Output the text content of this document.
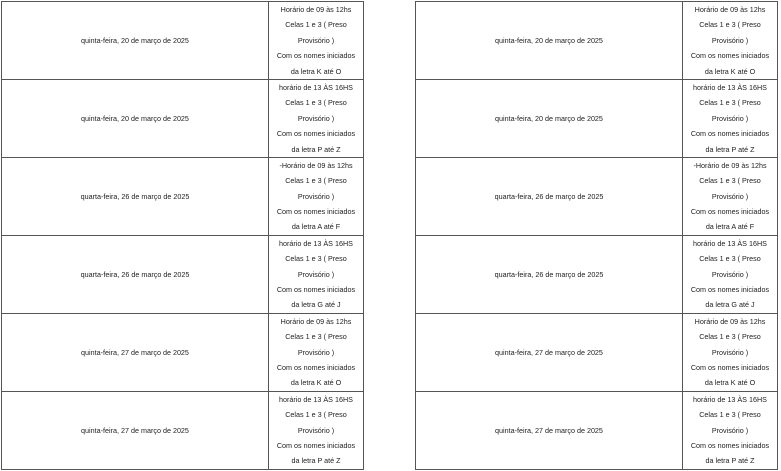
quinta-feira, 20 de março de 2025	Horário de 09 às 12hs
Celas 1 e 3 ( Preso
Provisório )
Com os nomes iniciados
da letra K até O

quinta-feira, 20 de março de 2025	horário de 13 ÀS 16HS
Celas 1 e 3 ( Preso
Provisório )
Com os nomes iniciados
da letra P até Z

quarta-feira, 26 de março de 2025	-Horário de 09 às 12hs
Celas 1 e 3 ( Preso
Provisório )
Com os nomes iniciados
da letra A até F

quarta-feira, 26 de março de 2025	horário de 13 ÀS 16HS
Celas 1 e 3 ( Preso
Provisório )
Com os nomes iniciados
da letra G até J

quinta-feira, 27 de março de 2025	Horário de 09 às 12hs
Celas 1 e 3 ( Preso
Provisório )
Com os nomes iniciados
da letra K até O

quinta-feira, 27 de março de 2025	horário de 13 ÀS 16HS
Celas 1 e 3 ( Preso
Provisório )
Com os nomes iniciados
da letra P até Z
quinta-feira, 20 de março de 2025	Horário de 09 às 12hs
Celas 1 e 3 ( Preso
Provisório )
Com os nomes iniciados
da letra K até O

quinta-feira, 20 de março de 2025	horário de 13 ÀS 16HS
Celas 1 e 3 ( Preso
Provisório )
Com os nomes iniciados
da letra P até Z

quarta-feira, 26 de março de 2025	-Horário de 09 às 12hs
Celas 1 e 3 ( Preso
Provisório )
Com os nomes iniciados
da letra A até F

quarta-feira, 26 de março de 2025	horário de 13 ÀS 16HS
Celas 1 e 3 ( Preso
Provisório )
Com os nomes iniciados
da letra G até J

quinta-feira, 27 de março de 2025	Horário de 09 às 12hs
Celas 1 e 3 ( Preso
Provisório )
Com os nomes iniciados
da letra K até O

quinta-feira, 27 de março de 2025	horário de 13 ÀS 16HS
Celas 1 e 3 ( Preso
Provisório )
Com os nomes iniciados
da letra P até Z
